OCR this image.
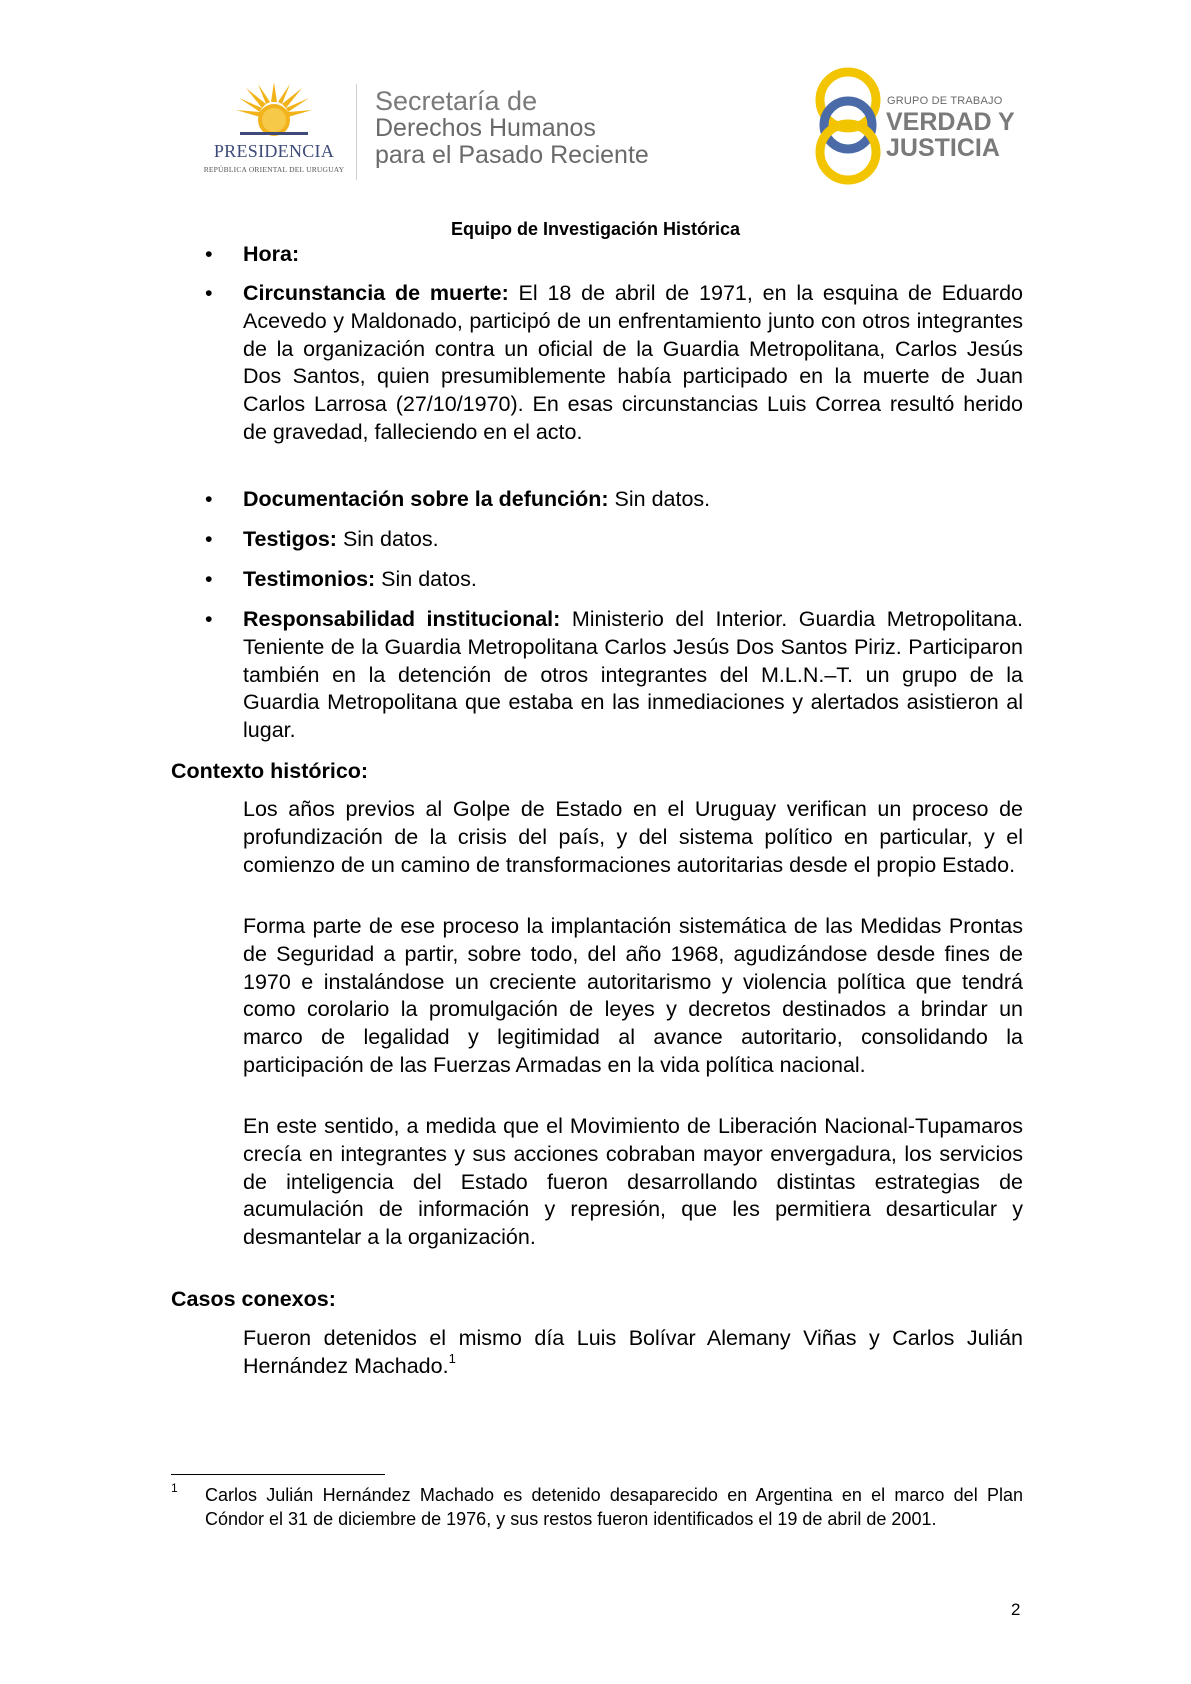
PRESIDENCIA
REPÚBLICA ORIENTAL DEL URUGUAY
Secretaría de
Derechos Humanos
para el Pasado Reciente
GRUPO DE TRABAJO
VERDAD Y
JUSTICIA
Equipo de Investigación Histórica
• Hora:
• Circunstancia de muerte: El 18 de abril de 1971, en la esquina de Eduardo Acevedo y Maldonado, participó de un enfrentamiento junto con otros integrantes de la organización contra un oficial de la Guardia Metropolitana, Carlos Jesús Dos Santos, quien presumiblemente había participado en la muerte de Juan Carlos Larrosa (27/10/1970). En esas circunstancias Luis Correa resultó herido de gravedad, falleciendo en el acto.
• Documentación sobre la defunción: Sin datos.
• Testigos: Sin datos.
• Testimonios: Sin datos.
• Responsabilidad institucional: Ministerio del Interior. Guardia Metropolitana. Teniente de la Guardia Metropolitana Carlos Jesús Dos Santos Piriz. Participaron también en la detención de otros integrantes del M.L.N.–T. un grupo de la Guardia Metropolitana que estaba en las inmediaciones y alertados asistieron al lugar.
Contexto histórico:
Los años previos al Golpe de Estado en el Uruguay verifican un proceso de profundización de la crisis del país, y del sistema político en particular, y el comienzo de un camino de transformaciones autoritarias desde el propio Estado.
Forma parte de ese proceso la implantación sistemática de las Medidas Prontas de Seguridad a partir, sobre todo, del año 1968, agudizándose desde fines de 1970 e instalándose un creciente autoritarismo y violencia política que tendrá como corolario la promulgación de leyes y decretos destinados a brindar un marco de legalidad y legitimidad al avance autoritario, consolidando la participación de las Fuerzas Armadas en la vida política nacional.
En este sentido, a medida que el Movimiento de Liberación Nacional-Tupamaros crecía en integrantes y sus acciones cobraban mayor envergadura, los servicios de inteligencia del Estado fueron desarrollando distintas estrategias de acumulación de información y represión, que les permitiera desarticular y desmantelar a la organización.
Casos conexos:
Fueron detenidos el mismo día Luis Bolívar Alemany Viñas y Carlos Julián Hernández Machado.$^1$
1 Carlos Julián Hernández Machado es detenido desaparecido en Argentina en el marco del Plan Cóndor el 31 de diciembre de 1976, y sus restos fueron identificados el 19 de abril de 2001.
2
